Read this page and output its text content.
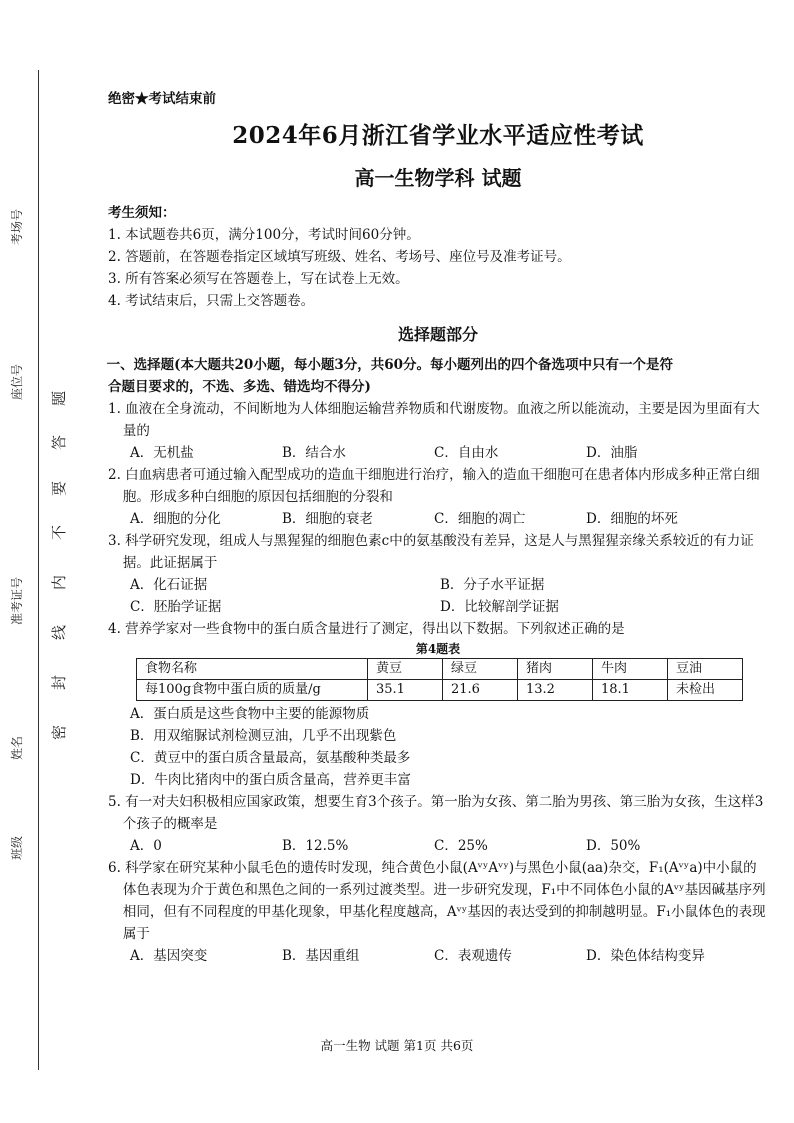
考场号
座位号
准考证号
姓名
班级
密
封
线
内
不
要
答
题

绝密★考试结束前

2024年6月浙江省学业水平适应性考试
高一生物学科 试题

考生须知：

1. 本试题卷共6页，满分100分，考试时间60分钟。

2. 答题前，在答题卷指定区域填写班级、姓名、考场号、座位号及准考证号。

3. 所有答案必须写在答题卷上，写在试卷上无效。

4. 考试结束后，只需上交答题卷。

选择题部分

一、选择题(本大题共20小题，每小题3分，共60分。每小题列出的四个备选项中只有一个是符
合题目要求的，不选、多选、错选均不得分)

1. 血液在全身流动，不间断地为人体细胞运输营养物质和代谢废物。血液之所以能流动，主要是因为里面有大量的

A．无机盐	B．结合水	C．自由水	D．油脂

2. 白血病患者可通过输入配型成功的造血干细胞进行治疗，输入的造血干细胞可在患者体内形成多种正常白细胞。形成多种白细胞的原因包括细胞的分裂和

A．细胞的分化	B．细胞的衰老	C．细胞的凋亡	D．细胞的坏死

3. 科学研究发现，组成人与黑猩猩的细胞色素c中的氨基酸没有差异，这是人与黑猩猩亲缘关系较近的有力证据。此证据属于

A．化石证据	B．分子水平证据
C．胚胎学证据	D．比较解剖学证据

4. 营养学家对一些食物中的蛋白质含量进行了测定，得出以下数据。下列叙述正确的是

第4题表

食物名称	黄豆	绿豆	猪肉	牛肉	豆油
每100g食物中蛋白质的质量/g	35.1	21.6	13.2	18.1	未检出

A．蛋白质是这些食物中主要的能源物质

B．用双缩脲试剂检测豆油，几乎不出现紫色

C．黄豆中的蛋白质含量最高，氨基酸种类最多

D．牛肉比猪肉中的蛋白质含量高，营养更丰富

5. 有一对夫妇积极相应国家政策，想要生育3个孩子。第一胎为女孩、第二胎为男孩、第三胎为女孩，生这样3个孩子的概率是

A．0	B．12.5%	C．25%	D．50%

6. 科学家在研究某种小鼠毛色的遗传时发现，纯合黄色小鼠(AᵛʸAᵛʸ)与黑色小鼠(aa)杂交，F₁(Aᵛʸa)中小鼠的体色表现为介于黄色和黑色之间的一系列过渡类型。进一步研究发现，F₁中不同体色小鼠的Aᵛʸ基因碱基序列相同，但有不同程度的甲基化现象，甲基化程度越高，Aᵛʸ基因的表达受到的抑制越明显。F₁小鼠体色的表现属于

A．基因突变	B．基因重组	C．表观遗传	D．染色体结构变异
高一生物 试题 第1页 共6页
